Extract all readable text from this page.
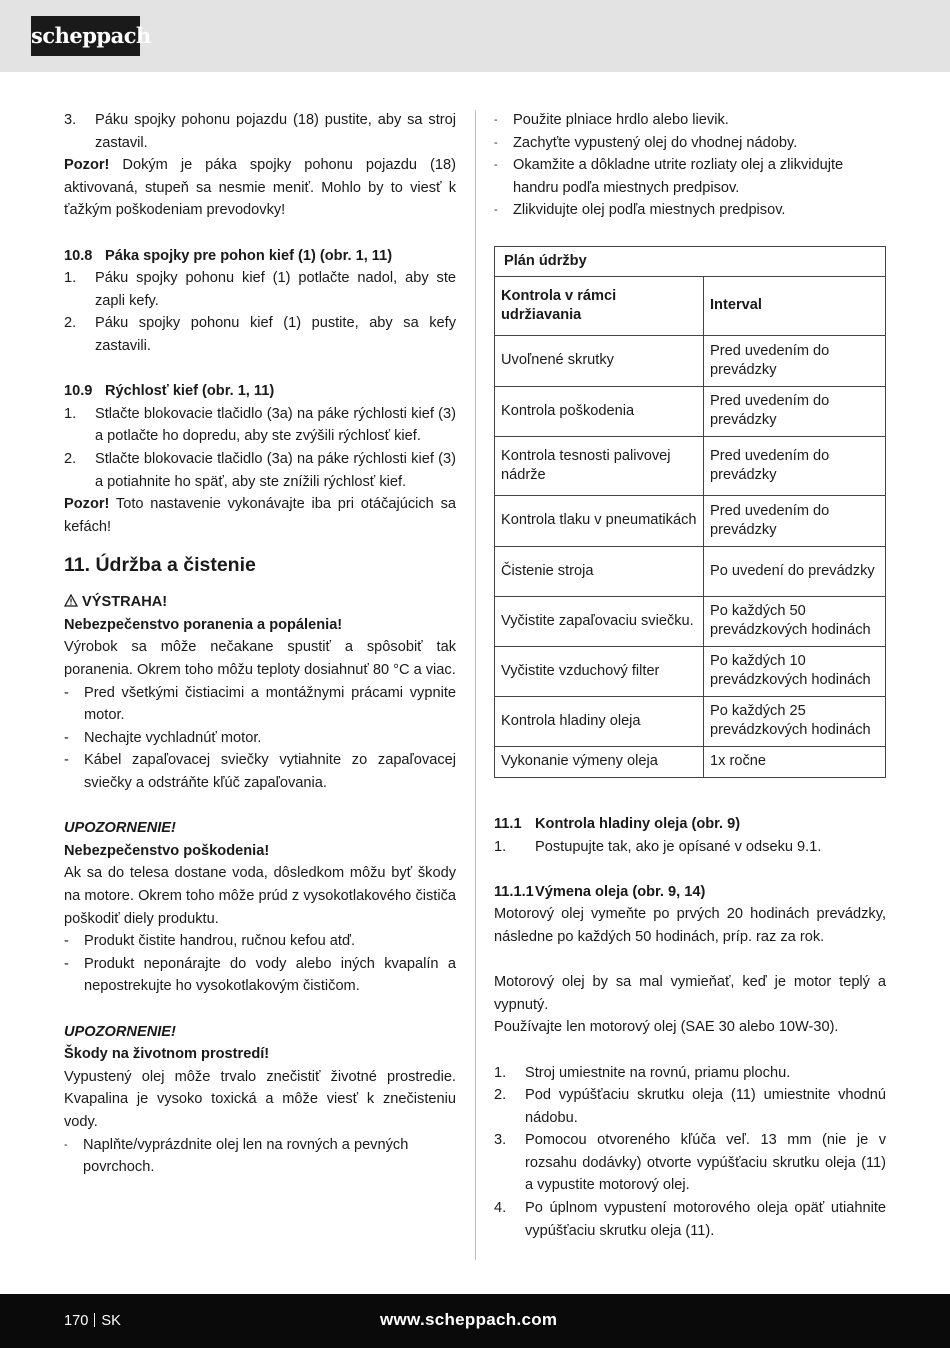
scheppach
3.	Páku spojky pohonu pojazdu (18) pustite, aby sa stroj zastavil.

Pozor! Dokým je páka spojky pohonu pojazdu (18) aktivovaná, stupeň sa nesmie meniť. Mohlo by to viesť k ťažkým poškodeniam prevodovky!

10.8 Páka spojky pre pohon kief (1) (obr. 1, 11)
1.	Páku spojky pohonu kief (1) potlačte nadol, aby ste zapli kefy.
2.	Páku spojky pohonu kief (1) pustite, aby sa kefy zastavili.
10.9 Rýchlosť kief (obr. 1, 11)
1.	Stlačte blokovacie tlačidlo (3a) na páke rýchlosti kief (3) a potlačte ho dopredu, aby ste zvýšili rýchlosť kief.
2.	Stlačte blokovacie tlačidlo (3a) na páke rýchlosti kief (3) a potiahnite ho späť, aby ste znížili rýchlosť kief.

Pozor! Toto nastavenie vykonávajte iba pri otáčajúcich sa kefách!

11. Údržba a čistenie
VÝSTRAHA!
Nebezpečenstvo poranenia a popálenia!

Výrobok sa môže nečakane spustiť a spôsobiť tak poranenia. Okrem toho môžu teploty dosiahnuť 80 °C a viac.

-	Pred všetkými čistiacimi a montážnymi prácami vypnite motor.
-	Nechajte vychladnúť motor.
-	Kábel zapaľovacej sviečky vytiahnite zo zapaľovacej sviečky a odstráňte kľúč zapaľovania.
UPOZORNENIE!
Nebezpečenstvo poškodenia!

Ak sa do telesa dostane voda, dôsledkom môžu byť škody na motore. Okrem toho môže prúd z vysokotlakového čističa poškodiť diely produktu.

-	Produkt čistite handrou, ručnou kefou atď.
-	Produkt neponárajte do vody alebo iných kvapalín a nepostrekujte ho vysokotlakovým čističom.
UPOZORNENIE!
Škody na životnom prostredí!

Vypustený olej môže trvalo znečistiť životné prostredie. Kvapalina je vysoko toxická a môže viesť k znečisteniu vody.

-	Naplňte/vyprázdnite olej len na rovných a pevných povrchoch.
-	Použite plniace hrdlo alebo lievik.
-	Zachyťte vypustený olej do vhodnej nádoby.
-	Okamžite a dôkladne utrite rozliaty olej a zlikvidujte handru podľa miestnych predpisov.
-	Zlikvidujte olej podľa miestnych predpisov.
Plán údržby	
Kontrola v rámci udržiavania	Interval
Uvoľnené skrutky	Pred uvedením do prevádzky
Kontrola poškodenia	Pred uvedením do prevádzky
Kontrola tesnosti palivovej nádrže	Pred uvedením do prevádzky
Kontrola tlaku v pneumatikách	Pred uvedením do prevádzky
Čistenie stroja	Po uvedení do prevádzky
Vyčistite zapaľovaciu sviečku.	Po každých 50 prevádzkových hodinách
Vyčistite vzduchový filter	Po každých 10 prevádzkových hodinách
Kontrola hladiny oleja	Po každých 25 prevádzkových hodinách
Vykonanie výmeny oleja	1x ročne
11.1 Kontrola hladiny oleja (obr. 9)
1.	Postupujte tak, ako je opísané v odseku 9.1.
11.1.1Výmena oleja (obr. 9, 14)

Motorový olej vymeňte po prvých 20 hodinách prevádzky, následne po každých 50 hodinách, príp. raz za rok.

Motorový olej by sa mal vymieňať, keď je motor teplý a vypnutý.

Používajte len motorový olej (SAE 30 alebo 10W-30).

1.	Stroj umiestnite na rovnú, priamu plochu.
2.	Pod vypúšťaciu skrutku oleja (11) umiestnite vhodnú nádobu.
3.	Pomocou otvoreného kľúča veľ. 13 mm (nie je v rozsahu dodávky) otvorte vypúšťaciu skrutku oleja (11) a vypustite motorový olej.
4.	Po úplnom vypustení motorového oleja opäť utiahnite vypúšťaciu skrutku oleja (11).
170 SK	www.scheppach.com
